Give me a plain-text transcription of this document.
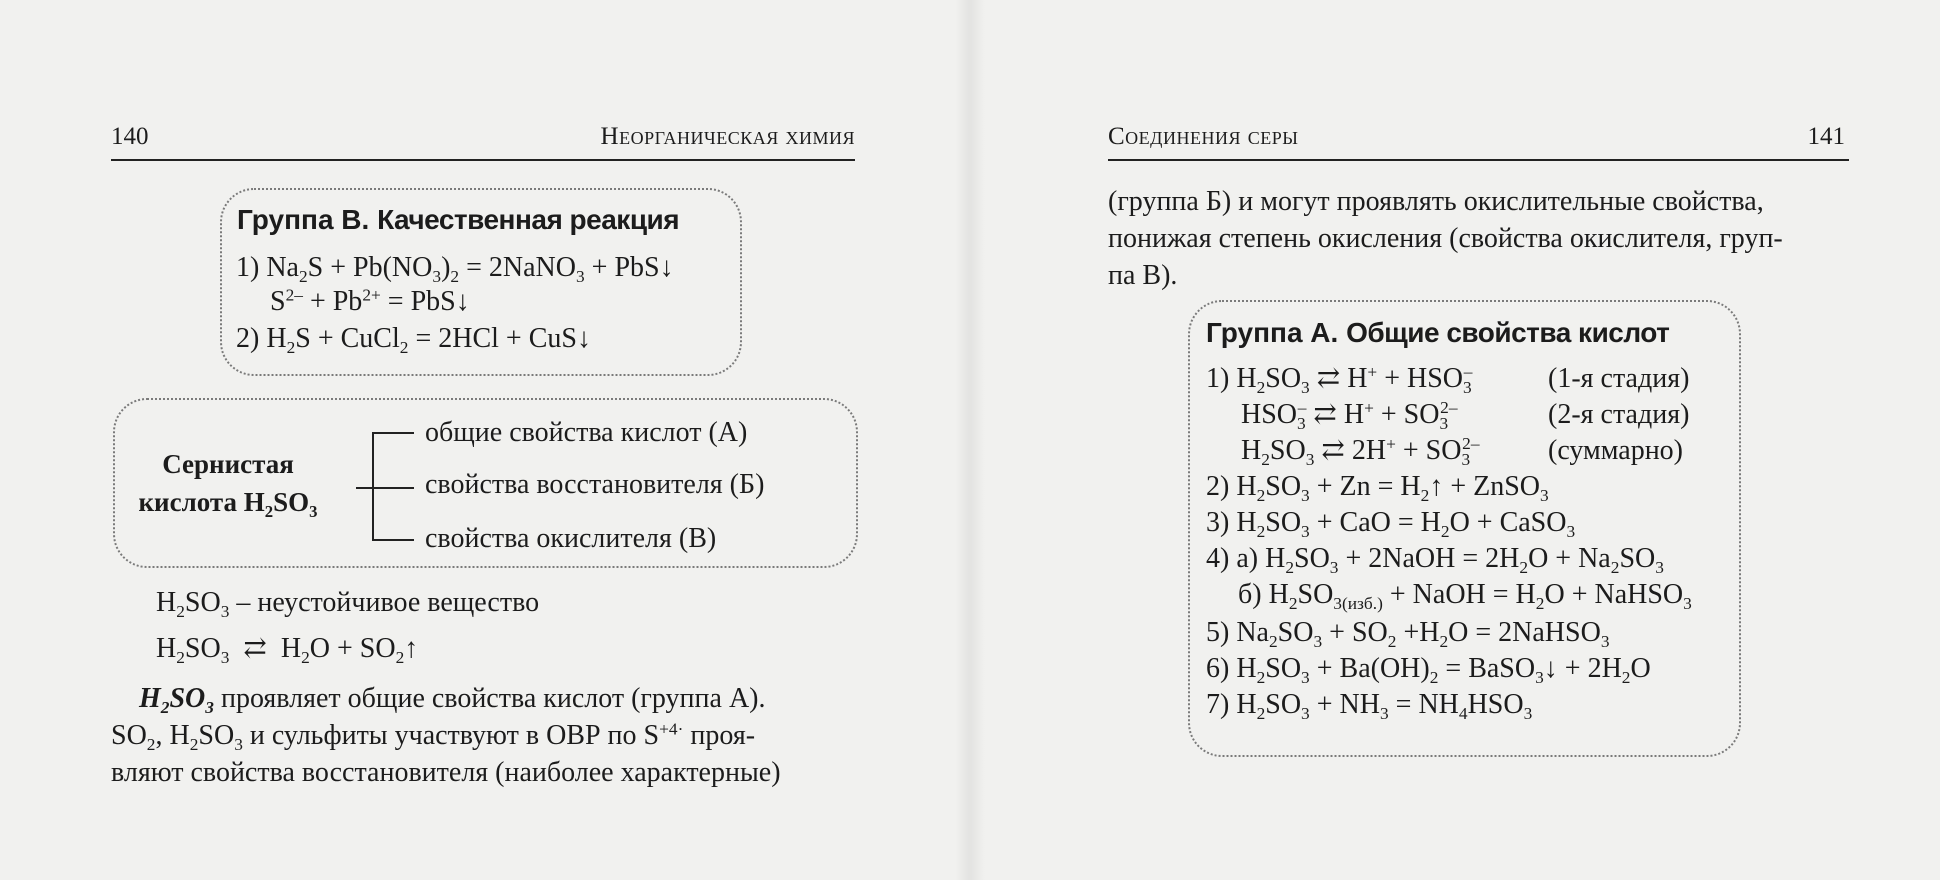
140	Неорганическая химия
Группа В. Качественная реакция
1) $Na_2S + Pb(NO_3)_2$ = 2NaNO$_3$ + PbS↓
$S^{2-} + Pb^{2+}$ = PbS↓
2) $H_2S$ + CuCl$_2$ = 2HCl + CuS↓
Сернистая
кислота $H_2SO_3$
общие свойства кислот (А)
свойства восстановителя (Б)
свойства окислителя (В)
$H_2SO_3$ – неустойчивое вещество
$H_2SO_3$  ⇄  $H_2O$ + $SO_2↑$
$H_2SO_3$ проявляет общие свойства кислот (группа А).
$SO_2$, $H_2SO_3$ и сульфиты участвуют в ОВР по $S^{+4\cdot}$ проя-
вляют свойства восстановителя (наиболее характерные)
Соединения серы	141
(группа Б) и могут проявлять окислительные свойства,
понижая степень окисления (свойства окислителя, груп-
па В).
Группа А. Общие свойства кислот
1) $H_2SO_3$ ⇄ $H^+ + HSO_3^-$	(1-я стадия)
$HSO_3^-$ ⇄ $H^+ + SO_3^{2-}$	(2-я стадия)
$H_2SO_3$ ⇄ $2H^+ + SO_3^{2-}$ (суммарно)
2) $H_2SO_3 + Zn$ = $H_2↑$ + ZnSO$_3$
3) $H_2SO_3$ + CaO = $H_2O$ + CaSO$_3$
4) а) $H_2SO_3$ + 2NaOH = $2H_2O + Na_2SO_3$
б) $H_2SO_{3(изб.)}$ + NaOH = $H_2O$ + NaHSO$_3$
5) $Na_2SO_3 + SO_2 +H_2O$ = 2NaHSO$_3$
6) $H_2SO_3 + Ba(OH)_2$ = BaSO$_3$↓ + $2H_2O$
7) $H_2SO_3 + NH_3 = NH_4HSO_3$
